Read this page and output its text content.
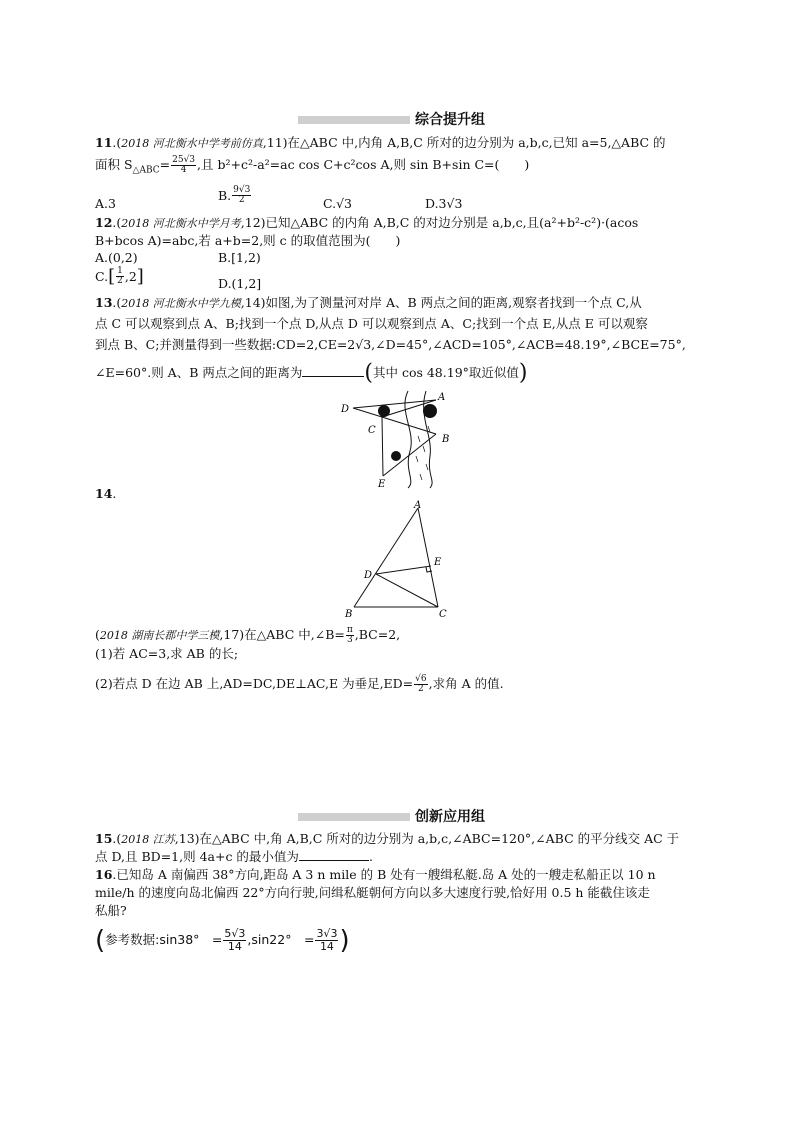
综合提升组
11.(2018 河北衡水中学考前仿真,11)在△ABC 中,内角 A,B,C 所对的边分别为 a,b,c,已知 a=5,△ABC 的
面积 $S_{\triangle ABC}= \frac{25√3}{4}$ ,且 b²+c²-a²=ac cos C+c²cos A,则 sin B+sin C=(　　)
A.3
B. $\frac{9√3}{2}$	C.√3	D.3√3
12.(2018 河北衡水中学月考,12)已知△ABC 的内角 A,B,C 的对边分别是 a,b,c,且(a²+b²-c²)·(acos
B+bcos A)=abc,若 a+b=2,则 c 的取值范围为(　　)
A.(0,2)	B.[1,2)
$C.[ \frac{1}{2} ,2]$	D.(1,2]
13.(2018 河北衡水中学九模,14)如图,为了测量河对岸 A、B 两点之间的距离,观察者找到一个点 C,从
点 C 可以观察到点 A、B;找到一个点 D,从点 D 可以观察到点 A、C;找到一个点 E,从点 E 可以观察
到点 B、C;并测量得到一些数据:CD=2,CE=2√3,∠D=45°,∠ACD=105°,∠ACB=48.19°,∠BCE=75°,
∠E=60°.则 A、B 两点之间的距离为	(其中 cos 48.19°取近似值)
D
A
C
B
E
14.
A
E
D
B	C
(2018 湖南长郡中学三模,17)在△ABC 中,∠B= $\frac{\pi}{3} ,BC=2$,
(1)若 AC=3,求 AB 的长;
(2)若点 D 在边 AB 上,AD=DC,DE⊥AC,E 为垂足$,ED= \frac{√6}{2}$ ,求角 A 的值.
创新应用组
15.(2018 江苏,13)在△ABC 中,角 A,B,C 所对的边分别为 a,b,c,∠ABC=120°,∠ABC 的平分线交 AC 于
点 D,且 BD=1,则 4a+c 的最小值为	.
16.已知岛 A 南偏西 38°方向,距岛 A 3 n mile 的 B 处有一艘缉私艇.岛 A 处的一艘走私船正以 10 n
mile/h 的速度向岛北偏西 22°方向行驶,问缉私艇朝何方向以多大速度行驶,恰好用 0.5 h 能截住该走
私船?
(参考数据:sin38°　= $\frac{5√3}{14} ,\sin 22^\circ$　= $\frac{3√3}{14}$ )
